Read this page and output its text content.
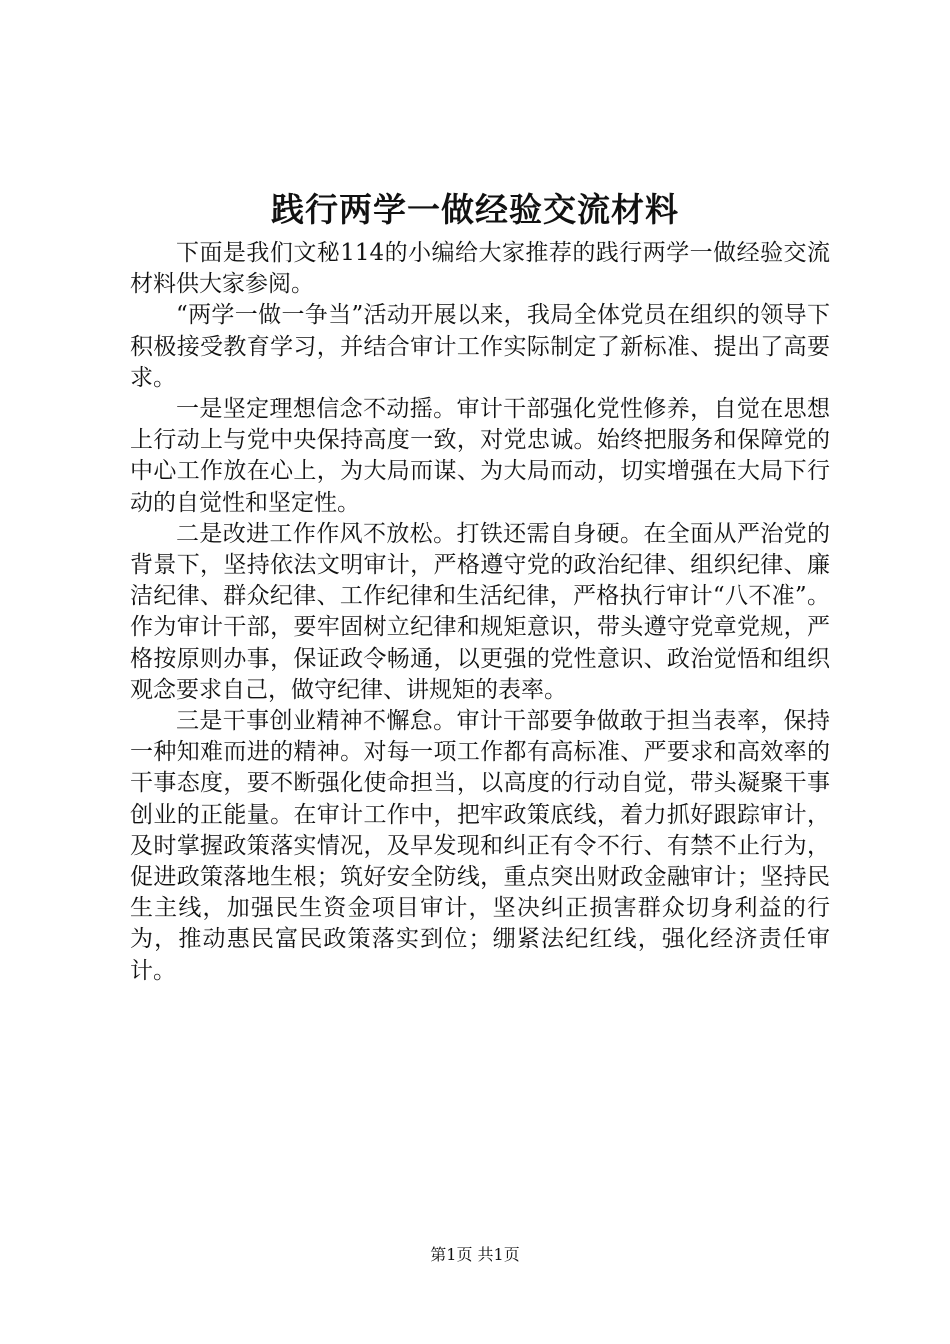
践行两学一做经验交流材料

下面是我们文秘114的小编给大家推荐的践行两学一做经验交流材料供大家参阅。

“两学一做一争当”活动开展以来，我局全体党员在组织的领导下积极接受教育学习，并结合审计工作实际制定了新标准、提出了高要求。

一是坚定理想信念不动摇。审计干部强化党性修养，自觉在思想上行动上与党中央保持高度一致，对党忠诚。始终把服务和保障党的中心工作放在心上，为大局而谋、为大局而动，切实增强在大局下行动的自觉性和坚定性。

二是改进工作作风不放松。打铁还需自身硬。在全面从严治党的背景下，坚持依法文明审计，严格遵守党的政治纪律、组织纪律、廉洁纪律、群众纪律、工作纪律和生活纪律，严格执行审计“八不准”。作为审计干部，要牢固树立纪律和规矩意识，带头遵守党章党规，严格按原则办事，保证政令畅通，以更强的党性意识、政治觉悟和组织观念要求自己，做守纪律、讲规矩的表率。

三是干事创业精神不懈怠。审计干部要争做敢于担当表率，保持一种知难而进的精神。对每一项工作都有高标准、严要求和高效率的干事态度，要不断强化使命担当，以高度的行动自觉，带头凝聚干事创业的正能量。在审计工作中，把牢政策底线，着力抓好跟踪审计，及时掌握政策落实情况，及早发现和纠正有令不行、有禁不止行为，促进政策落地生根；筑好安全防线，重点突出财政金融审计；坚持民生主线，加强民生资金项目审计，坚决纠正损害群众切身利益的行为，推动惠民富民政策落实到位；绷紧法纪红线，强化经济责任审计。

第1页 共1页
